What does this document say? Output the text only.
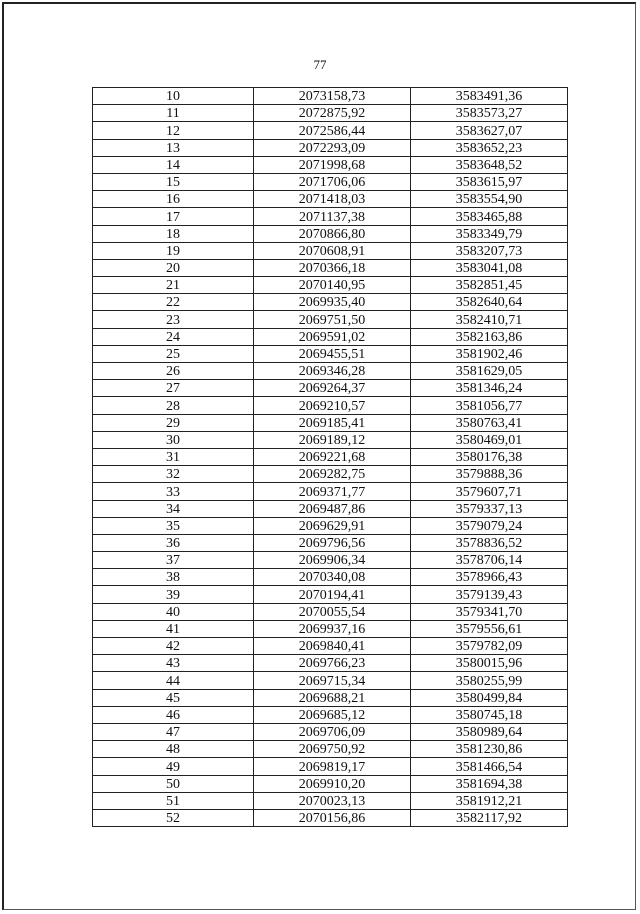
77
10	2073158,73	3583491,36
11	2072875,92	3583573,27
12	2072586,44	3583627,07
13	2072293,09	3583652,23
14	2071998,68	3583648,52
15	2071706,06	3583615,97
16	2071418,03	3583554,90
17	2071137,38	3583465,88
18	2070866,80	3583349,79
19	2070608,91	3583207,73
20	2070366,18	3583041,08
21	2070140,95	3582851,45
22	2069935,40	3582640,64
23	2069751,50	3582410,71
24	2069591,02	3582163,86
25	2069455,51	3581902,46
26	2069346,28	3581629,05
27	2069264,37	3581346,24
28	2069210,57	3581056,77
29	2069185,41	3580763,41
30	2069189,12	3580469,01
31	2069221,68	3580176,38
32	2069282,75	3579888,36
33	2069371,77	3579607,71
34	2069487,86	3579337,13
35	2069629,91	3579079,24
36	2069796,56	3578836,52
37	2069906,34	3578706,14
38	2070340,08	3578966,43
39	2070194,41	3579139,43
40	2070055,54	3579341,70
41	2069937,16	3579556,61
42	2069840,41	3579782,09
43	2069766,23	3580015,96
44	2069715,34	3580255,99
45	2069688,21	3580499,84
46	2069685,12	3580745,18
47	2069706,09	3580989,64
48	2069750,92	3581230,86
49	2069819,17	3581466,54
50	2069910,20	3581694,38
51	2070023,13	3581912,21
52	2070156,86	3582117,92
